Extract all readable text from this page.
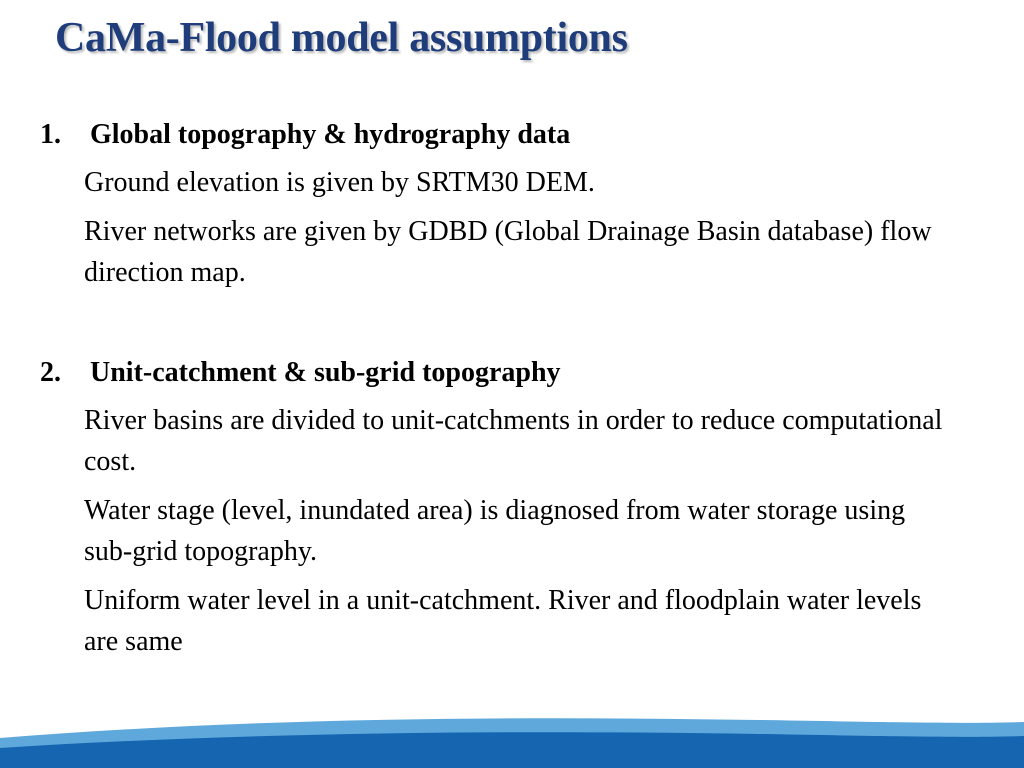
CaMa-Flood model assumptions

1.	Global topography & hydrography data

Ground elevation is given by SRTM30 DEM.

River networks are given by GDBD (Global Drainage Basin database) flow direction map.

2.	Unit-catchment & sub-grid topography

River basins are divided to unit-catchments in order to reduce computational cost.

Water stage (level, inundated area) is diagnosed from water storage using sub-grid topography.

Uniform water level in a unit-catchment. River and floodplain water levels are same
